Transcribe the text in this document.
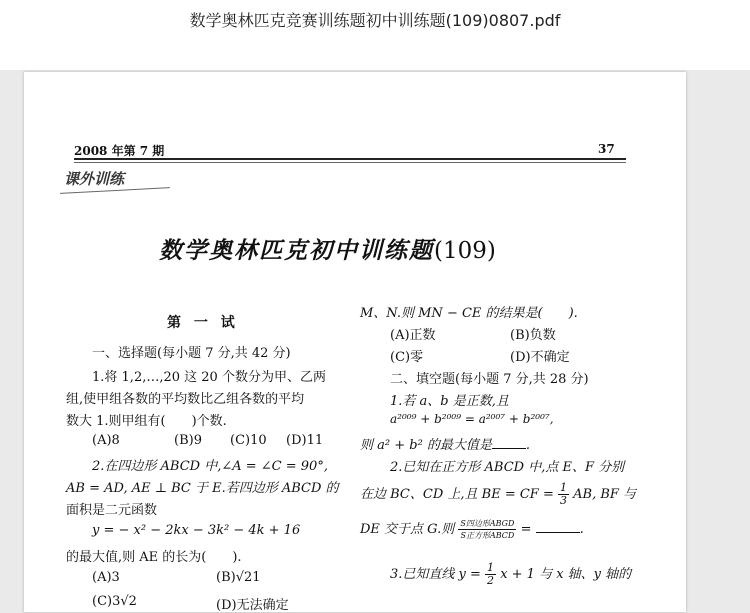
数学奥林匹克竞赛训练题初中训练题(109)0807.pdf
2008 年第 7 期	37
课外训练
数学奥林匹克初中训练题(109)
第 一 试
一、选择题(每小题 7 分,共 42 分)
1.将 1,2,…,20 这 20 个数分为甲、乙两
组,使甲组各数的平均数比乙组各数的平均
数大 1.则甲组有(　　)个数.
(A)8	(B)9 (C)10 (D)11
2.在四边形 ABCD 中,∠A = ∠C = 90°,
AB = AD, AE ⊥ BC 于 E.若四边形 ABCD 的
面积是二元函数
y = − x² − 2kx − 3k² − 4k + 16
的最大值,则 AE 的长为(　　).
(A)3	(B)√21
(C)3√2	(D)无法确定
M、N.则 MN − CE 的结果是(　　).
(A)正数	(B)负数
(C)零	(D)不确定
二、填空题(每小题 7 分,共 28 分)
1.若 a、b 是正数,且
a²⁰⁰⁹ + b²⁰⁰⁹ = a²⁰⁰⁷ + b²⁰⁰⁷,
则 a² + b² 的最大值是	.
2.已知在正方形 ABCD 中,点 E、F 分别
在边 BC、CD 上,且 BE = CF = $\frac{1}{3}$ AB, BF 与
DE 交于点 G.则 $\frac{\text{S四边形ABGD}}{\text{S正方形ABCD}}$ =	.
3.已知直线 $y = \frac{1}{2}$ x + 1 与 x 轴、y 轴的
